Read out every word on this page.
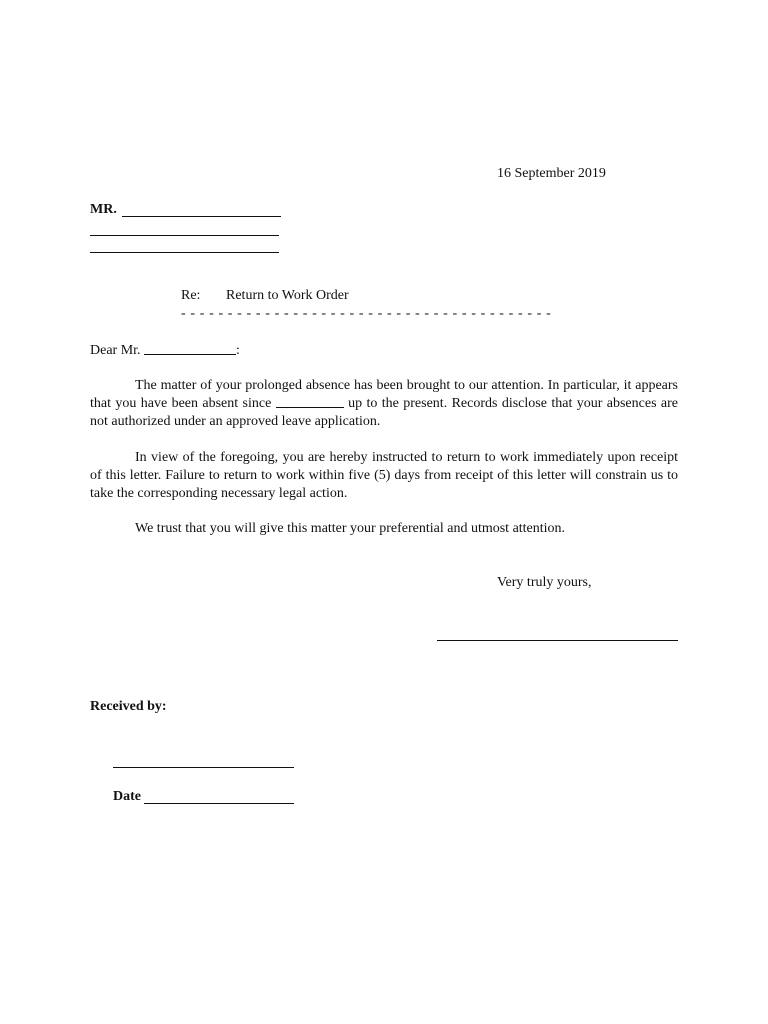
16 September 2019
MR.
Re: Return to Work Order
- - - - - - - - - - - - - - - - - - - - - - - - - - - - - - - - - - - - - - - -
Dear Mr.	:
The matter of your prolonged absence has been brought to our attention. In particular, it appears that you have been absent since	up to the present. Records disclose that your absences are not authorized under an approved leave application.
In view of the foregoing, you are hereby instructed to return to work immediately upon receipt of this letter. Failure to return to work within five (5) days from receipt of this letter will constrain us to take the corresponding necessary legal action.
We trust that you will give this matter your preferential and utmost attention.
Very truly yours,
Received by:
Date
